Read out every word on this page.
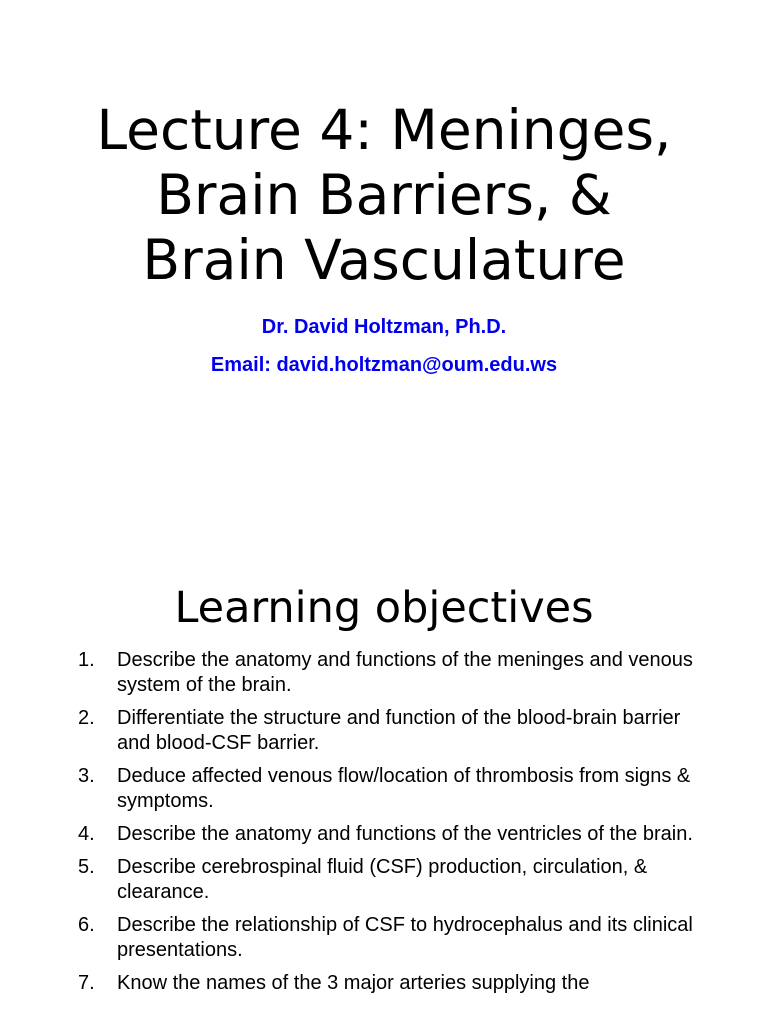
Lecture 4: Meninges,
Brain Barriers, &
Brain Vasculature
Dr. David Holtzman, Ph.D.
Email: david.holtzman@oum.edu.ws
Learning objectives
1. Describe the anatomy and functions of the meninges and venous system of the brain.
2. Differentiate the structure and function of the blood-brain barrier and blood-CSF barrier.
3. Deduce affected venous flow/location of thrombosis from signs & symptoms.
4. Describe the anatomy and functions of the ventricles of the brain.
5. Describe cerebrospinal fluid (CSF) production, circulation, & clearance.
6. Describe the relationship of CSF to hydrocephalus and its clinical presentations.
7. Know the names of the 3 major arteries supplying the
